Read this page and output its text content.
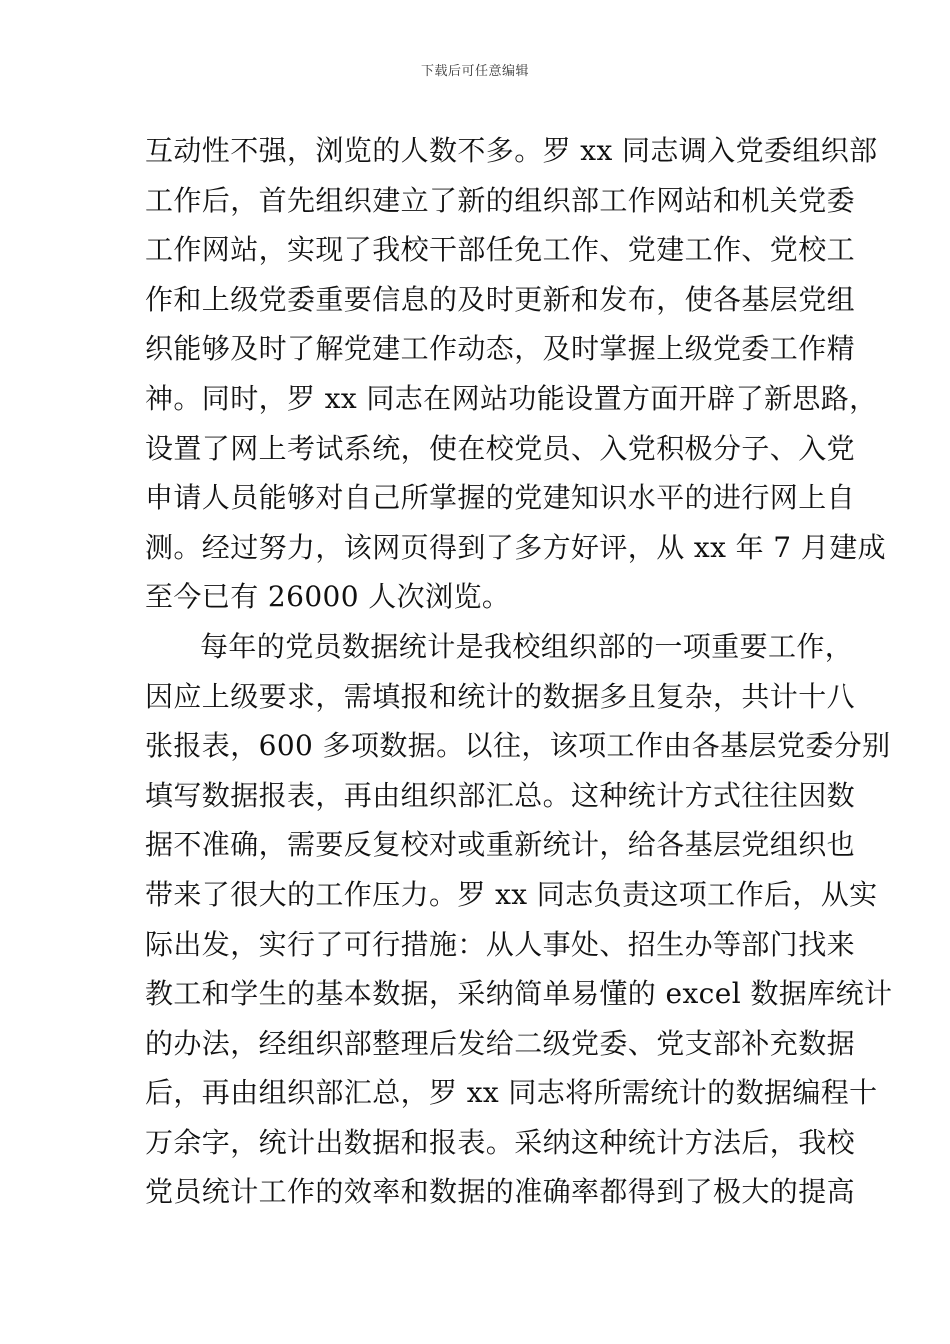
下载后可任意编辑
互动性不强，浏览的人数不多。罗 xx 同志调入党委组织部
工作后，首先组织建立了新的组织部工作网站和机关党委
工作网站，实现了我校干部任免工作、党建工作、党校工
作和上级党委重要信息的及时更新和发布，使各基层党组
织能够及时了解党建工作动态，及时掌握上级党委工作精
神。同时，罗 xx 同志在网站功能设置方面开辟了新思路，
设置了网上考试系统，使在校党员、入党积极分子、入党
申请人员能够对自己所掌握的党建知识水平的进行网上自
测。经过努力，该网页得到了多方好评，从 xx 年 7 月建成
至今已有 26000 人次浏览。
每年的党员数据统计是我校组织部的一项重要工作，
因应上级要求，需填报和统计的数据多且复杂，共计十八
张报表，600 多项数据。以往，该项工作由各基层党委分别
填写数据报表，再由组织部汇总。这种统计方式往往因数
据不准确，需要反复校对或重新统计，给各基层党组织也
带来了很大的工作压力。罗 xx 同志负责这项工作后，从实
际出发，实行了可行措施：从人事处、招生办等部门找来
教工和学生的基本数据，采纳简单易懂的 excel 数据库统计
的办法，经组织部整理后发给二级党委、党支部补充数据
后，再由组织部汇总，罗 xx 同志将所需统计的数据编程十
万余字，统计出数据和报表。采纳这种统计方法后，我校
党员统计工作的效率和数据的准确率都得到了极大的提高
